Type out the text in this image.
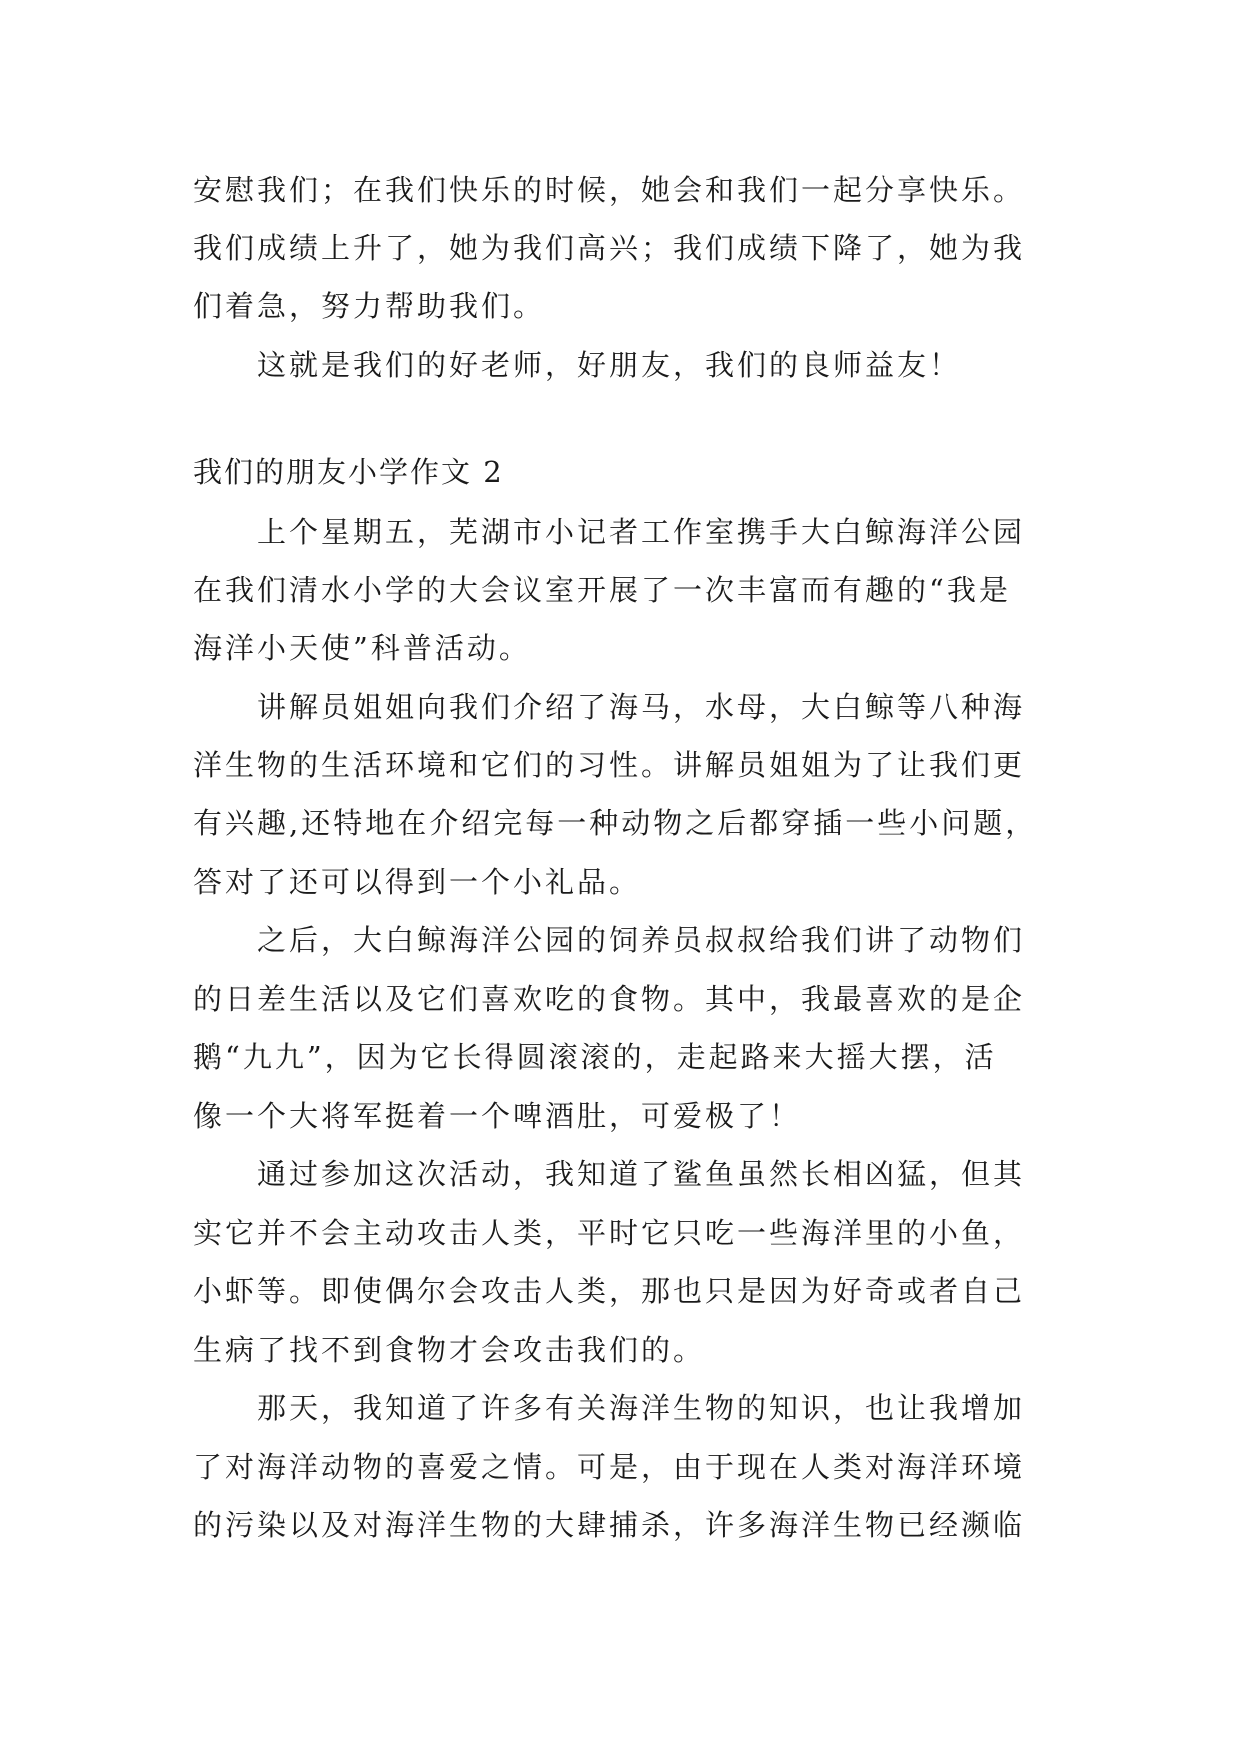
安慰我们；在我们快乐的时候，她会和我们一起分享快乐。
我们成绩上升了，她为我们高兴；我们成绩下降了，她为我
们着急，努力帮助我们。
这就是我们的好老师，好朋友，我们的良师益友！
我们的朋友小学作文 2
上个星期五，芜湖市小记者工作室携手大白鲸海洋公园
在我们清水小学的大会议室开展了一次丰富而有趣的“我是
海洋小天使”科普活动。
讲解员姐姐向我们介绍了海马，水母，大白鲸等八种海
洋生物的生活环境和它们的习性。讲解员姐姐为了让我们更
有兴趣,还特地在介绍完每一种动物之后都穿插一些小问题，
答对了还可以得到一个小礼品。
之后，大白鲸海洋公园的饲养员叔叔给我们讲了动物们
的日差生活以及它们喜欢吃的食物。其中，我最喜欢的是企
鹅“九九”，因为它长得圆滚滚的，走起路来大摇大摆，活
像一个大将军挺着一个啤酒肚，可爱极了！
通过参加这次活动，我知道了鲨鱼虽然长相凶猛，但其
实它并不会主动攻击人类，平时它只吃一些海洋里的小鱼，
小虾等。即使偶尔会攻击人类，那也只是因为好奇或者自己
生病了找不到食物才会攻击我们的。
那天，我知道了许多有关海洋生物的知识，也让我增加
了对海洋动物的喜爱之情。可是，由于现在人类对海洋环境
的污染以及对海洋生物的大肆捕杀，许多海洋生物已经濒临
